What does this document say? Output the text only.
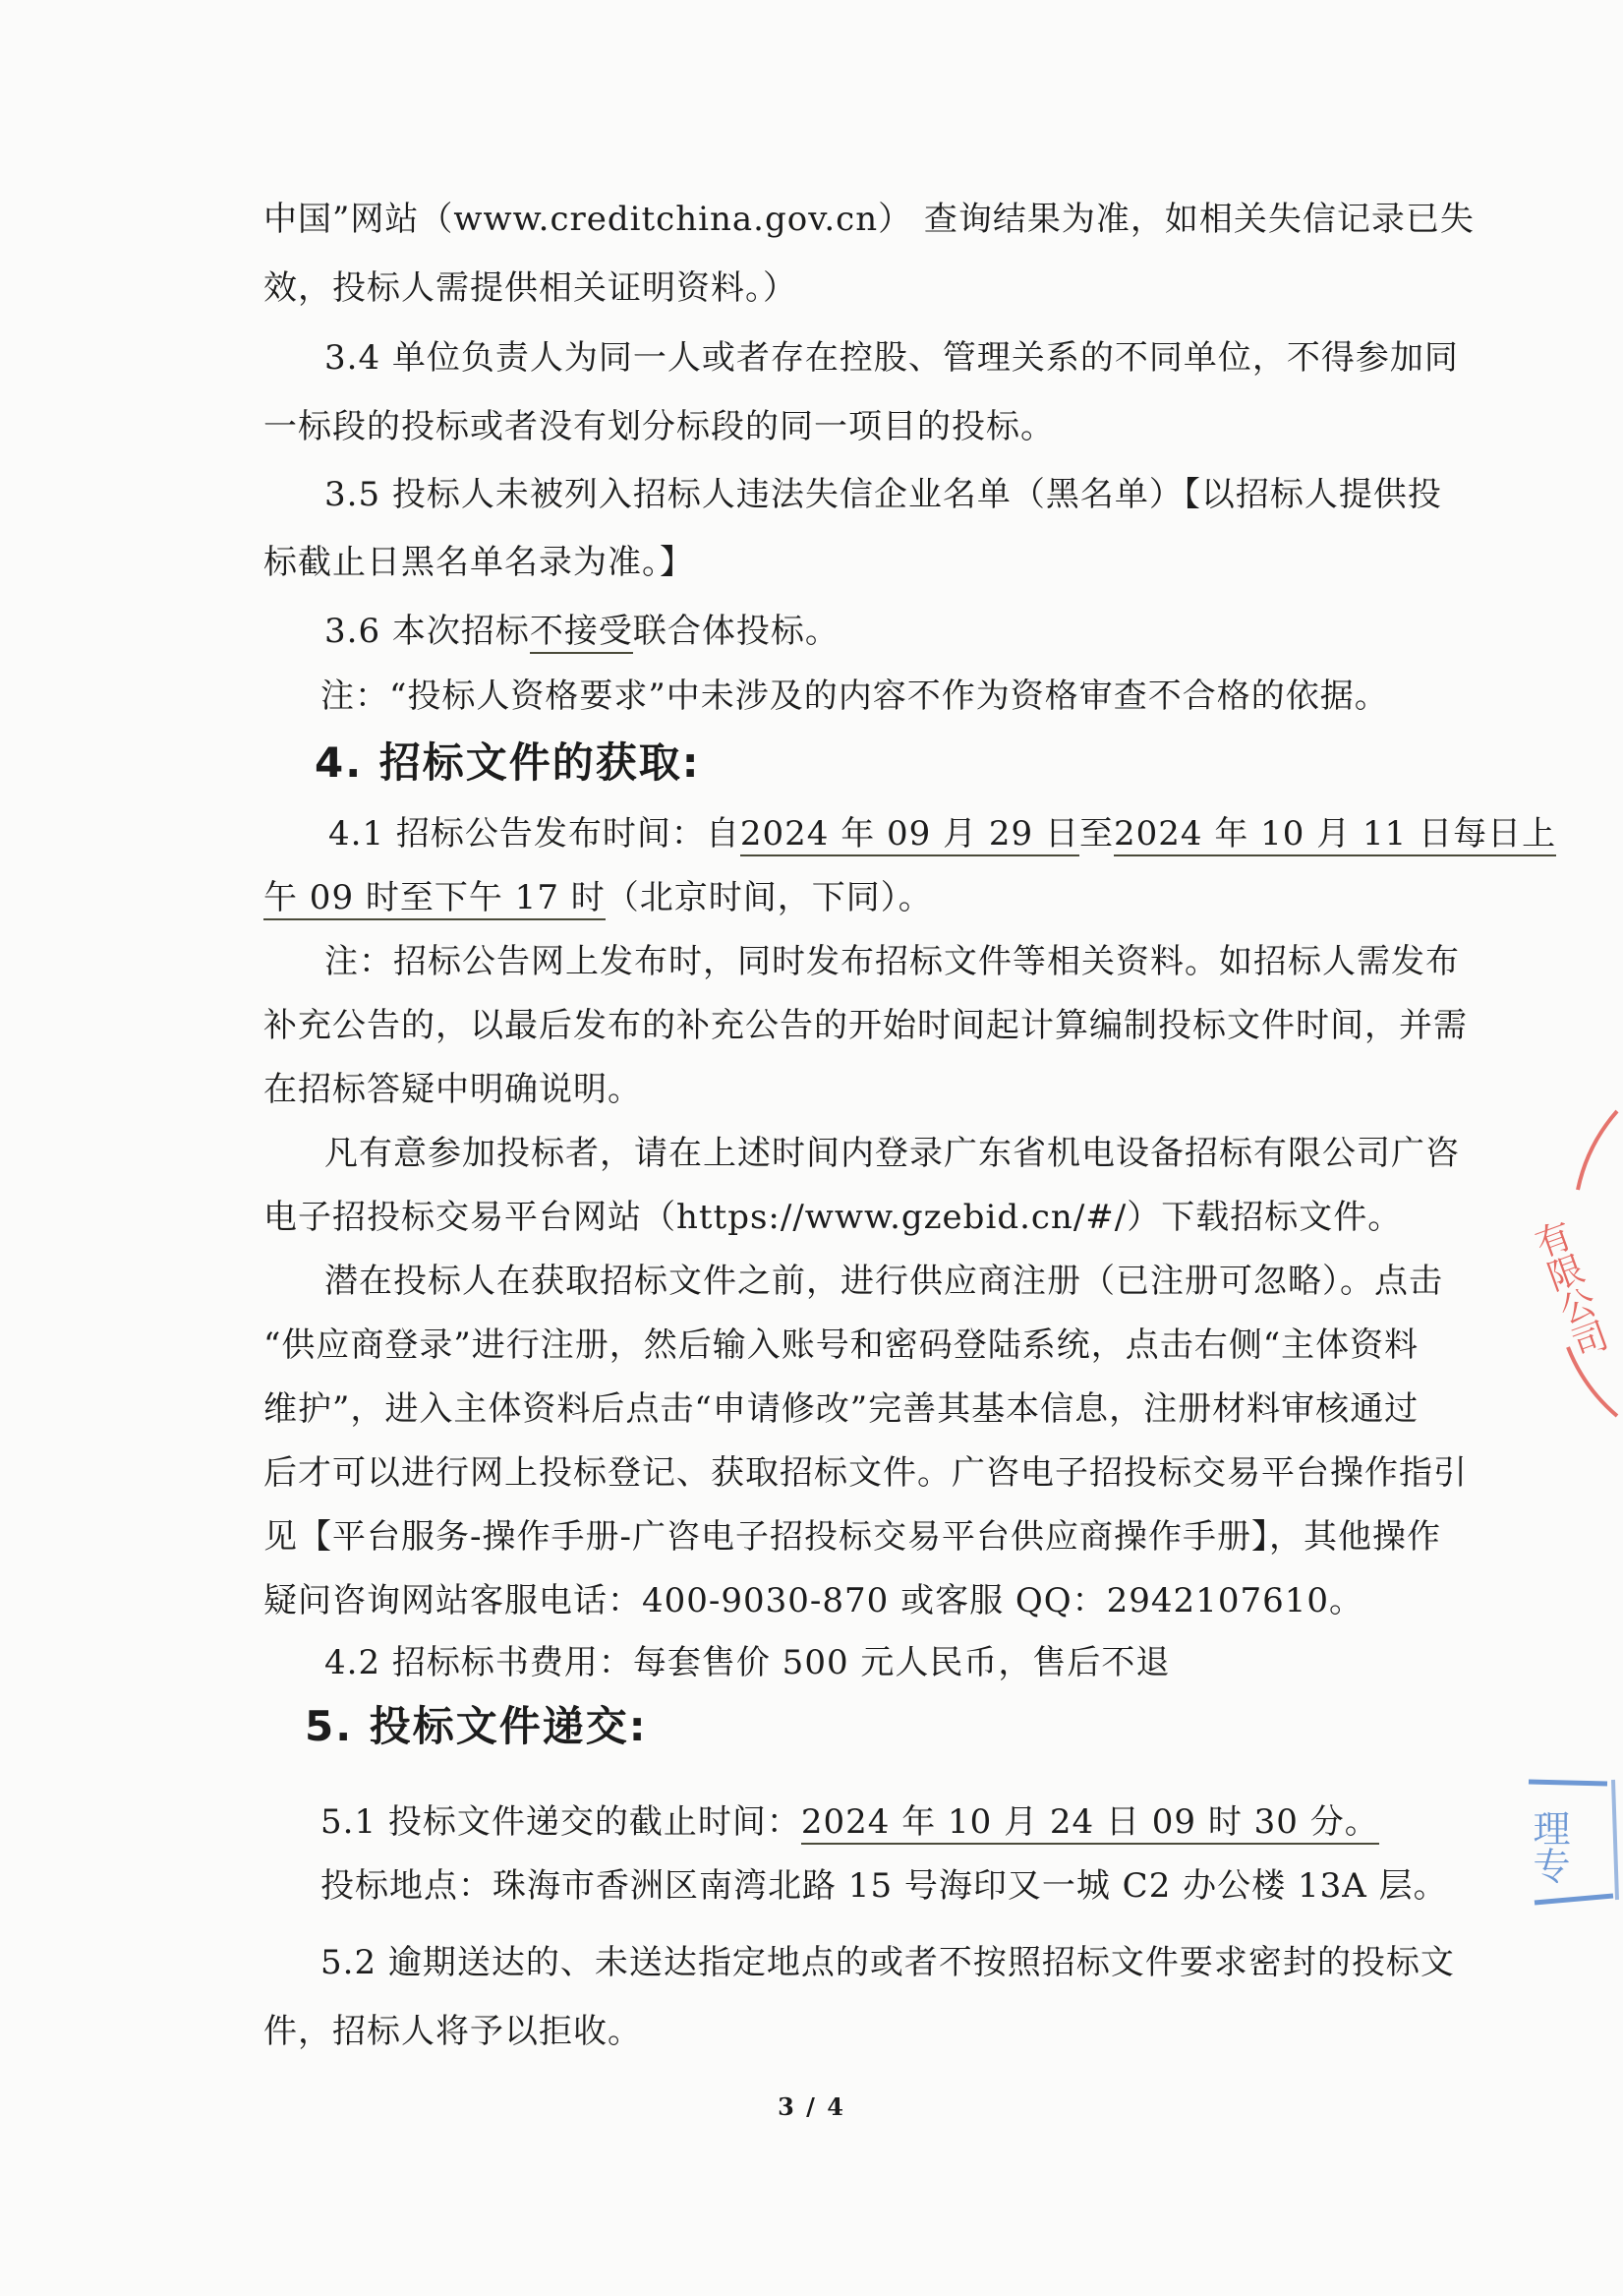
中国”网站（www.creditchina.gov.cn） 查询结果为准，如相关失信记录已失
效，投标人需提供相关证明资料。）
3.4 单位负责人为同一人或者存在控股、管理关系的不同单位，不得参加同
一标段的投标或者没有划分标段的同一项目的投标。
3.5 投标人未被列入招标人违法失信企业名单（黑名单）【以招标人提供投
标截止日黑名单名录为准。】
3.6 本次招标不接受联合体投标。
注：“投标人资格要求”中未涉及的内容不作为资格审查不合格的依据。
4. 招标文件的获取:
4.1 招标公告发布时间：自2024 年 09 月 29 日至2024 年 10 月 11 日每日上
午 09 时至下午 17 时（北京时间，下同）。
注：招标公告网上发布时，同时发布招标文件等相关资料。如招标人需发布
补充公告的，以最后发布的补充公告的开始时间起计算编制投标文件时间，并需
在招标答疑中明确说明。
凡有意参加投标者，请在上述时间内登录广东省机电设备招标有限公司广咨
电子招投标交易平台网站（https://www.gzebid.cn/#/）下载招标文件。
潜在投标人在获取招标文件之前，进行供应商注册（已注册可忽略）。点击
“供应商登录”进行注册，然后输入账号和密码登陆系统，点击右侧“主体资料
维护”，进入主体资料后点击“申请修改”完善其基本信息，注册材料审核通过
后才可以进行网上投标登记、获取招标文件。广咨电子招投标交易平台操作指引
见【平台服务-操作手册-广咨电子招投标交易平台供应商操作手册】，其他操作
疑问咨询网站客服电话：400-9030-870 或客服 QQ：2942107610。
4.2 招标标书费用：每套售价 500 元人民币，售后不退
5. 投标文件递交:
5.1 投标文件递交的截止时间：2024 年 10 月 24 日 09 时 30 分。
投标地点：珠海市香洲区南湾北路 15 号海印又一城 C2 办公楼 13A 层。
5.2 逾期送达的、未送达指定地点的或者不按照招标文件要求密封的投标文
件，招标人将予以拒收。
3 / 4
有限公司
理专
